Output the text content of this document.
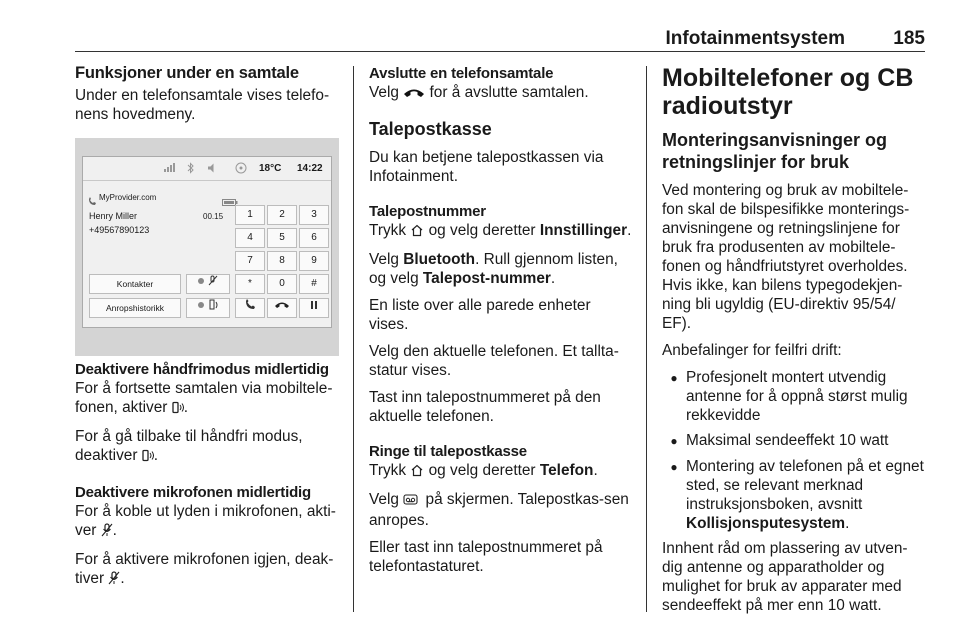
Infotainmentsystem	185
Funksjoner under en samtale

Under en telefonsamtale vises telefo-nens hovedmeny.

Deaktivere håndfrimodus midlertidig

For å fortsette samtalen via mobiltele-fonen, aktiver .

For å gå tilbake til håndfri modus, deaktiver .

Deaktivere mikrofonen midlertidig

For å koble ut lyden i mikrofonen, akti-ver .

For å aktivere mikrofonen igjen, deak-tiver .

18°C 14:22
MyProvider.com
Henry Miller
+49567890123
00.15	1	2	3
4	5	6
7	8	9
*	0	#
Kontakter
Anropshistorikk
Avslutte en telefonsamtale

Velg for å avslutte samtalen.

Talepostkasse

Du kan betjene talepostkassen via Infotainment.

Talepostnummer

Trykk og velg deretter Innstillinger.

Velg Bluetooth. Rull gjennom listen, og velg Talepost-nummer.

En liste over alle parede enheter vises.

Velg den aktuelle telefonen. Et tallta-statur vises.

Tast inn talepostnummeret på den aktuelle telefonen.

Ringe til talepostkasse

Trykk og velg deretter Telefon.

Velg på skjermen. Talepostkas-sen anropes.

Eller tast inn talepostnummeret på telefontastaturet.

Mobiltelefoner og CB radioutstyr
Monteringsanvisninger og retningslinjer for bruk

Ved montering og bruk av mobiltele-fon skal de bilspesifikke monterings-anvisningene og retningslinjene for bruk fra produsenten av mobiltele-fonen og håndfriutstyret overholdes. Hvis ikke, kan bilens typegodekjen-ning bli ugyldig (EU-direktiv 95/54/ EF).

Anbefalinger for feilfri drift:

● Profesjonelt montert utvendig antenne for å oppnå størst mulig rekkevidde
● Maksimal sendeeffekt 10 watt
● Montering av telefonen på et egnet sted, se relevant merknad instruksjonsboken, avsnitt Kollisjonsputesystem.

Innhent råd om plassering av utven-dig antenne og apparatholder og mulighet for bruk av apparater med sendeeffekt på mer enn 10 watt.
